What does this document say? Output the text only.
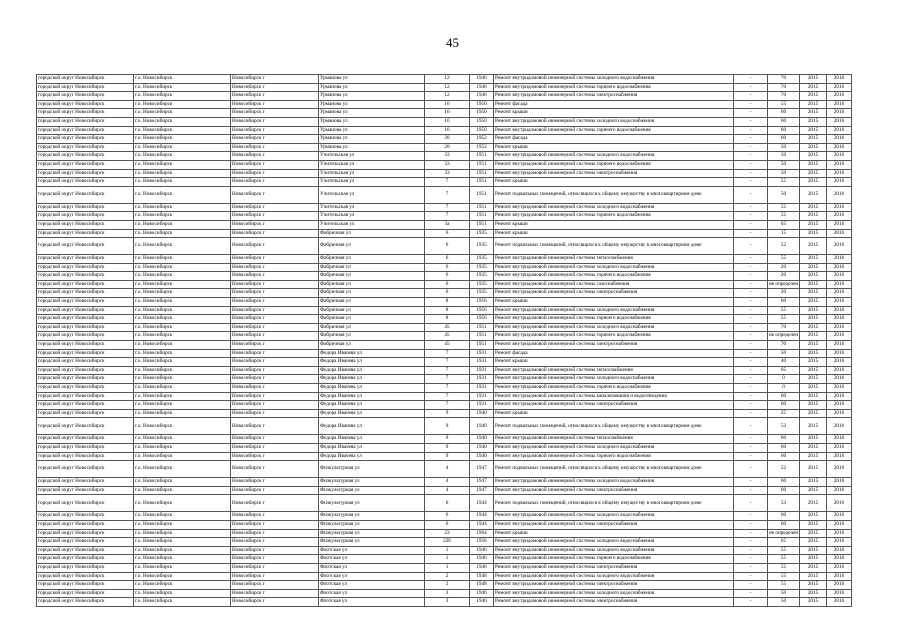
45
городской округ Новосибирск	г.о. Новосибирск	Новосибирск г	Урманова ул	12	1946	Ремонт внутридомовой инженерной системы холодного водоснабжения	-	70	2015	2016
городской округ Новосибирск	г.о. Новосибирск	Новосибирск г	Урманова ул	12	1946	Ремонт внутридомовой инженерной системы горячего водоснабжения	-	70	2015	2016
городской округ Новосибирск	г.о. Новосибирск	Новосибирск г	Урманова ул	12	1946	Ремонт внутридомовой инженерной системы электроснабжения	-	70	2015	2016
городской округ Новосибирск	г.о. Новосибирск	Новосибирск г	Урманова ул	16	1950	Ремонт фасада	-	55	2015	2016
городской округ Новосибирск	г.о. Новосибирск	Новосибирск г	Урманова ул	16	1950	Ремонт крыши	-	60	2015	2016
городской округ Новосибирск	г.о. Новосибирск	Новосибирск г	Урманова ул	16	1950	Ремонт внутридомовой инженерной системы холодного водоснабжения	-	60	2015	2016
городской округ Новосибирск	г.о. Новосибирск	Новосибирск г	Урманова ул	16	1950	Ремонт внутридомовой инженерной системы горячего водоснабжения	-	60	2015	2016
городской округ Новосибирск	г.о. Новосибирск	Новосибирск г	Урманова ул	20	1952	Ремонт фасада	-	60	2015	2016
городской округ Новосибирск	г.о. Новосибирск	Новосибирск г	Урманова ул	20	1952	Ремонт крыши	-	50	2015	2016
городской округ Новосибирск	г.о. Новосибирск	Новосибирск г	Учительская ул	33	1951	Ремонт внутридомовой инженерной системы холодного водоснабжения	-	50	2015	2016
городской округ Новосибирск	г.о. Новосибирск	Новосибирск г	Учительская ул	33	1951	Ремонт внутридомовой инженерной системы горячего водоснабжения	-	50	2015	2016
городской округ Новосибирск	г.о. Новосибирск	Новосибирск г	Учительская ул	33	1951	Ремонт внутридомовой инженерной системы электроснабжения	-	50	2015	2016
городской округ Новосибирск	г.о. Новосибирск	Новосибирск г	Учительская ул	7	1951	Ремонт крыши	-	55	2015	2016
городской округ Новосибирск	г.о. Новосибирск	Новосибирск г	Учительская ул	7	1951	Ремонт подвальных помещений, относящихся к общему имуществу в многоквартирном доме	-	50	2015	2016
городской округ Новосибирск	г.о. Новосибирск	Новосибирск г	Учительская ул	7	1951	Ремонт внутридомовой инженерной системы холодного водоснабжения	-	55	2015	2016
городской округ Новосибирск	г.о. Новосибирск	Новосибирск г	Учительская ул	7	1951	Ремонт внутридомовой инженерной системы горячего водоснабжения	-	55	2015	2016
городской округ Новосибирск	г.о. Новосибирск	Новосибирск г	Учительская ул	3а	1951	Ремонт крыши	-	65	2015	2016
городской округ Новосибирск	г.о. Новосибирск	Новосибирск г	Фабричная ул	6	1935	Ремонт крыши	-	15	2015	2016
городской округ Новосибирск	г.о. Новосибирск	Новосибирск г	Фабричная ул	6	1935	Ремонт подвальных помещений, относящихся к общему имуществу в многоквартирном доме	-	52	2015	2016
городской округ Новосибирск	г.о. Новосибирск	Новосибирск г	Фабричная ул	6	1935	Ремонт внутридомовой инженерной системы теплоснабжения	-	55	2015	2016
городской округ Новосибирск	г.о. Новосибирск	Новосибирск г	Фабричная ул	6	1935	Ремонт внутридомовой инженерной системы холодного водоснабжения	-	20	2015	2016
городской округ Новосибирск	г.о. Новосибирск	Новосибирск г	Фабричная ул	6	1935	Ремонт внутридомовой инженерной системы горячего водоснабжения	-	20	2015	2016
городской округ Новосибирск	г.о. Новосибирск	Новосибирск г	Фабричная ул	6	1935	Ремонт внутридомовой инженерной системы газоснабжения	-	не определен	2015	2016
городской округ Новосибирск	г.о. Новосибирск	Новосибирск г	Фабричная ул	6	1935	Ремонт внутридомовой инженерной системы электроснабжения	-	20	2015	2016
городской округ Новосибирск	г.о. Новосибирск	Новосибирск г	Фабричная ул	8	1956	Ремонт крыши	-	60	2015	2016
городской округ Новосибирск	г.о. Новосибирск	Новосибирск г	Фабричная ул	8	1956	Ремонт внутридомовой инженерной системы холодного водоснабжения	-	55	2015	2016
городской округ Новосибирск	г.о. Новосибирск	Новосибирск г	Фабричная ул	8	1956	Ремонт внутридомовой инженерной системы горячего водоснабжения	-	55	2015	2016
городской округ Новосибирск	г.о. Новосибирск	Новосибирск г	Фабричная ул	45	1951	Ремонт внутридомовой инженерной системы холодного водоснабжения	-	70	2015	2016
городской округ Новосибирск	г.о. Новосибирск	Новосибирск г	Фабричная ул	45	1951	Ремонт внутридомовой инженерной системы горячего водоснабжения	-	не определен	2015	2016
городской округ Новосибирск	г.о. Новосибирск	Новосибирск г	Фабричная ул	45	1951	Ремонт внутридомовой инженерной системы электроснабжения	-	70	2015	2016
городской округ Новосибирск	г.о. Новосибирск	Новосибирск г	Федора Ивачева ул	7	1931	Ремонт фасада	-	50	2015	2016
городской округ Новосибирск	г.о. Новосибирск	Новосибирск г	Федора Ивачева ул	7	1931	Ремонт крыши	-	40	2015	2016
городской округ Новосибирск	г.о. Новосибирск	Новосибирск г	Федора Ивачева ул	7	1931	Ремонт внутридомовой инженерной системы теплоснабжения	-	65	2015	2016
городской округ Новосибирск	г.о. Новосибирск	Новосибирск г	Федора Ивачева ул	7	1931	Ремонт внутридомовой инженерной системы холодного водоснабжения	-	0	2015	2016
городской округ Новосибирск	г.о. Новосибирск	Новосибирск г	Федора Ивачева ул	7	1931	Ремонт внутридомовой инженерной системы горячего водоснабжения	-	0	2015	2016
городской округ Новосибирск	г.о. Новосибирск	Новосибирск г	Федора Ивачева ул	7	1931	Ремонт внутридомовой инженерной системы канализования и водоотведения	-	60	2015	2016
городской округ Новосибирск	г.о. Новосибирск	Новосибирск г	Федора Ивачева ул	7	1931	Ремонт внутридомовой инженерной системы электроснабжения	-	60	2015	2016
городской округ Новосибирск	г.о. Новосибирск	Новосибирск г	Федора Ивачева ул	9	1940	Ремонт крыши	-	25	2015	2016
городской округ Новосибирск	г.о. Новосибирск	Новосибирск г	Федора Ивачева ул	9	1940	Ремонт подвальных помещений, относящихся к общему имуществу в многоквартирном доме	-	52	2015	2016
городской округ Новосибирск	г.о. Новосибирск	Новосибирск г	Федора Ивачева ул	9	1940	Ремонт внутридомовой инженерной системы теплоснабжения	-	60	2015	2016
городской округ Новосибирск	г.о. Новосибирск	Новосибирск г	Федора Ивачева ул	9	1940	Ремонт внутридомовой инженерной системы холодного водоснабжения	-	60	2015	2016
городской округ Новосибирск	г.о. Новосибирск	Новосибирск г	Федора Ивачева ул	9	1940	Ремонт внутридомовой инженерной системы горячего водоснабжения	-	60	2015	2016
городской округ Новосибирск	г.о. Новосибирск	Новосибирск г	Физкультурная ул	4	1947	Ремонт подвальных помещений, относящихся к общему имуществу в многоквартирном доме	-	52	2015	2016
городской округ Новосибирск	г.о. Новосибирск	Новосибирск г	Физкультурная ул	4	1947	Ремонт внутридомовой инженерной системы холодного водоснабжения	-	60	2015	2016
городской округ Новосибирск	г.о. Новосибирск	Новосибирск г	Физкультурная ул	4	1947	Ремонт внутридомовой инженерной системы электроснабжения	-	60	2015	2016
городской округ Новосибирск	г.о. Новосибирск	Новосибирск г	Физкультурная ул	6	1944	Ремонт подвальных помещений, относящихся к общему имуществу в многоквартирном доме	-	53	2015	2016
городской округ Новосибирск	г.о. Новосибирск	Новосибирск г	Физкультурная ул	6	1944	Ремонт внутридомовой инженерной системы холодного водоснабжения	-	60	2015	2016
городской округ Новосибирск	г.о. Новосибирск	Новосибирск г	Физкультурная ул	6	1944	Ремонт внутридомовой инженерной системы электроснабжения	-	60	2015	2016
городской округ Новосибирск	г.о. Новосибирск	Новосибирск г	Физкультурная ул	23	1964	Ремонт крыши	-	не определен	2015	2016
городской округ Новосибирск	г.о. Новосибирск	Новосибирск г	Физкультурная ул	22б	1958	Ремонт внутридомовой инженерной системы холодного водоснабжения	-	65	2015	2016
городской округ Новосибирск	г.о. Новосибирск	Новосибирск г	Флотская ул	1	1946	Ремонт внутридомовой инженерной системы холодного водоснабжения	-	55	2015	2016
городской округ Новосибирск	г.о. Новосибирск	Новосибирск г	Флотская ул	1	1946	Ремонт внутридомовой инженерной системы горячего водоснабжения	-	55	2015	2016
городской округ Новосибирск	г.о. Новосибирск	Новосибирск г	Флотская ул	1	1946	Ремонт внутридомовой инженерной системы электроснабжения	-	55	2015	2016
городской округ Новосибирск	г.о. Новосибирск	Новосибирск г	Флотская ул	2	1948	Ремонт внутридомовой инженерной системы холодного водоснабжения	-	55	2015	2016
городской округ Новосибирск	г.о. Новосибирск	Новосибирск г	Флотская ул	2	1948	Ремонт внутридомовой инженерной системы электроснабжения	-	55	2015	2016
городской округ Новосибирск	г.о. Новосибирск	Новосибирск г	Флотская ул	3	1946	Ремонт внутридомовой инженерной системы холодного водоснабжения	-	50	2015	2016
городской округ Новосибирск	г.о. Новосибирск	Новосибирск г	Флотская ул	3	1946	Ремонт внутридомовой инженерной системы электроснабжения	-	50	2015	2016
